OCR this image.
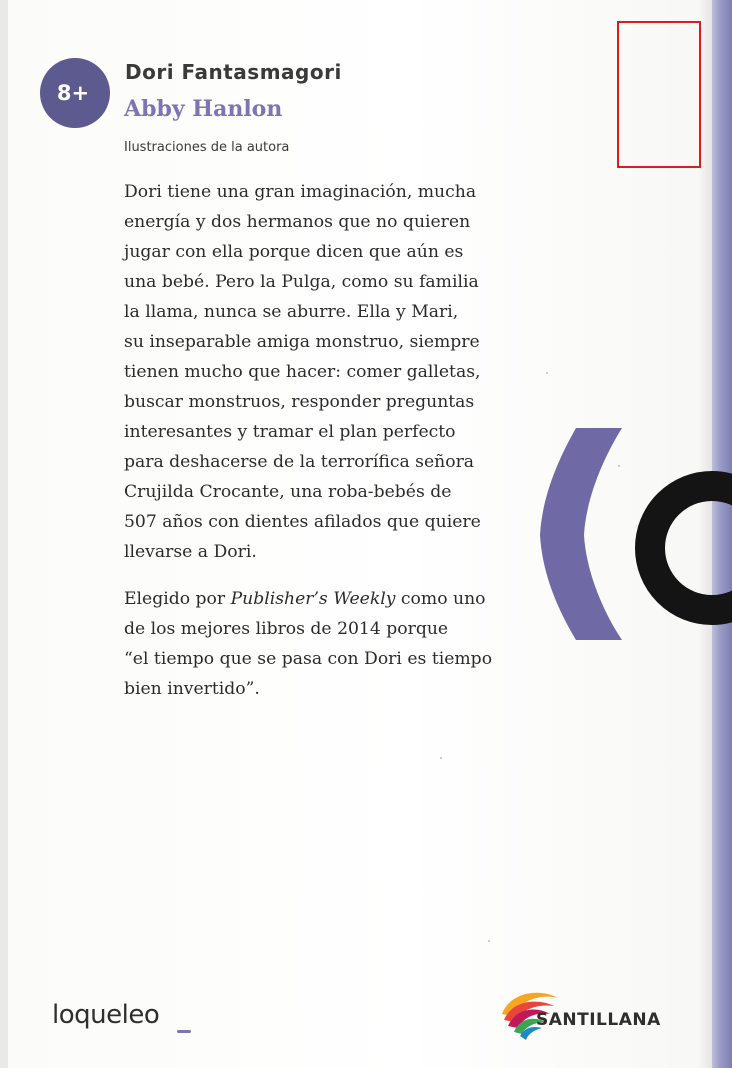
8+
Dori Fantasmagori
Abby Hanlon
Ilustraciones de la autora
Dori tiene una gran imaginación, mucha
energía y dos hermanos que no quieren
jugar con ella porque dicen que aún es
una bebé. Pero la Pulga, como su familia
la llama, nunca se aburre. Ella y Mari,
su inseparable amiga monstruo, siempre
tienen mucho que hacer: comer galletas,
buscar monstruos, responder preguntas
interesantes y tramar el plan perfecto
para deshacerse de la terrorífica señora
Crujilda Crocante, una roba-bebés de
507 años con dientes afilados que quiere
llevarse a Dori.
Elegido por Publisher’s Weekly como uno
de los mejores libros de 2014 porque
“el tiempo que se pasa con Dori es tiempo
bien invertido”.
loqueleo	SANTILLANA
